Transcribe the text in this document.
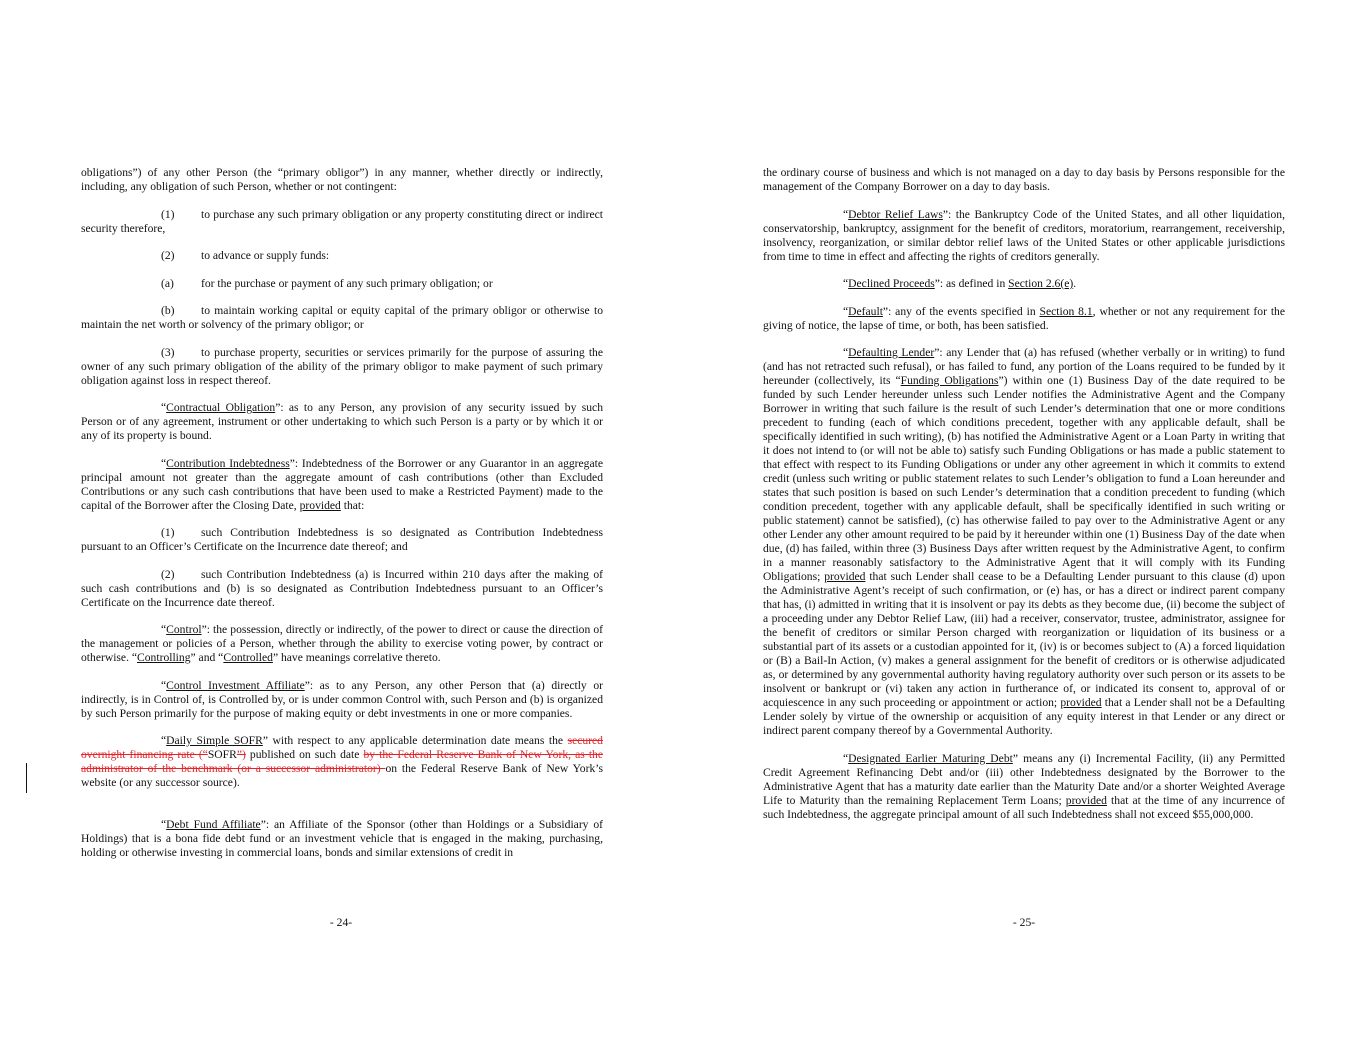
obligations”) of any other Person (the “primary obligor”) in any manner, whether directly or indirectly, including, any obligation of such Person, whether or not contingent:

(1) to purchase any such primary obligation or any property constituting direct or indirect security therefore,

(2) to advance or supply funds:

(a) for the purchase or payment of any such primary obligation; or

(b) to maintain working capital or equity capital of the primary obligor or otherwise to maintain the net worth or solvency of the primary obligor; or

(3) to purchase property, securities or services primarily for the purpose of assuring the owner of any such primary obligation of the ability of the primary obligor to make payment of such primary obligation against loss in respect thereof.

“Contractual Obligation”: as to any Person, any provision of any security issued by such Person or of any agreement, instrument or other undertaking to which such Person is a party or by which it or any of its property is bound.

“Contribution Indebtedness”: Indebtedness of the Borrower or any Guarantor in an aggregate principal amount not greater than the aggregate amount of cash contributions (other than Excluded Contributions or any such cash contributions that have been used to make a Restricted Payment) made to the capital of the Borrower after the Closing Date, provided that:

(1) such Contribution Indebtedness is so designated as Contribution Indebtedness pursuant to an Officer’s Certificate on the Incurrence date thereof; and

(2) such Contribution Indebtedness (a) is Incurred within 210 days after the making of such cash contributions and (b) is so designated as Contribution Indebtedness pursuant to an Officer’s Certificate on the Incurrence date thereof.

“Control”: the possession, directly or indirectly, of the power to direct or cause the direction of the management or policies of a Person, whether through the ability to exercise voting power, by contract or otherwise. “Controlling” and “Controlled” have meanings correlative thereto.

“Control Investment Affiliate”: as to any Person, any other Person that (a) directly or indirectly, is in Control of, is Controlled by, or is under common Control with, such Person and (b) is organized by such Person primarily for the purpose of making equity or debt investments in one or more companies.

“Daily Simple SOFR” with respect to any applicable determination date means the secured overnight financing rate (“SOFR”) published on such date by the Federal Reserve Bank of New York, as the administrator of the benchmark (or a successor administrator) on the Federal Reserve Bank of New York’s website (or any successor source).

“Debt Fund Affiliate”: an Affiliate of the Sponsor (other than Holdings or a Subsidiary of Holdings) that is a bona fide debt fund or an investment vehicle that is engaged in the making, purchasing, holding or otherwise investing in commercial loans, bonds and similar extensions of credit in

- 24-

the ordinary course of business and which is not managed on a day to day basis by Persons responsible for the management of the Company Borrower on a day to day basis.

“Debtor Relief Laws”: the Bankruptcy Code of the United States, and all other liquidation, conservatorship, bankruptcy, assignment for the benefit of creditors, moratorium, rearrangement, receivership, insolvency, reorganization, or similar debtor relief laws of the United States or other applicable jurisdictions from time to time in effect and affecting the rights of creditors generally.

“Declined Proceeds”: as defined in Section 2.6(e).

“Default”: any of the events specified in Section 8.1, whether or not any requirement for the giving of notice, the lapse of time, or both, has been satisfied.

“Defaulting Lender”: any Lender that (a) has refused (whether verbally or in writing) to fund (and has not retracted such refusal), or has failed to fund, any portion of the Loans required to be funded by it hereunder (collectively, its “Funding Obligations”) within one (1) Business Day of the date required to be funded by such Lender hereunder unless such Lender notifies the Administrative Agent and the Company Borrower in writing that such failure is the result of such Lender’s determination that one or more conditions precedent to funding (each of which conditions precedent, together with any applicable default, shall be specifically identified in such writing), (b) has notified the Administrative Agent or a Loan Party in writing that it does not intend to (or will not be able to) satisfy such Funding Obligations or has made a public statement to that effect with respect to its Funding Obligations or under any other agreement in which it commits to extend credit (unless such writing or public statement relates to such Lender’s obligation to fund a Loan hereunder and states that such position is based on such Lender’s determination that a condition precedent to funding (which condition precedent, together with any applicable default, shall be specifically identified in such writing or public statement) cannot be satisfied), (c) has otherwise failed to pay over to the Administrative Agent or any other Lender any other amount required to be paid by it hereunder within one (1) Business Day of the date when due, (d) has failed, within three (3) Business Days after written request by the Administrative Agent, to confirm in a manner reasonably satisfactory to the Administrative Agent that it will comply with its Funding Obligations; provided that such Lender shall cease to be a Defaulting Lender pursuant to this clause (d) upon the Administrative Agent’s receipt of such confirmation, or (e) has, or has a direct or indirect parent company that has, (i) admitted in writing that it is insolvent or pay its debts as they become due, (ii) become the subject of a proceeding under any Debtor Relief Law, (iii) had a receiver, conservator, trustee, administrator, assignee for the benefit of creditors or similar Person charged with reorganization or liquidation of its business or a substantial part of its assets or a custodian appointed for it, (iv) is or becomes subject to (A) a forced liquidation or (B) a Bail-In Action, (v) makes a general assignment for the benefit of creditors or is otherwise adjudicated as, or determined by any governmental authority having regulatory authority over such person or its assets to be insolvent or bankrupt or (vi) taken any action in furtherance of, or indicated its consent to, approval of or acquiescence in any such proceeding or appointment or action; provided that a Lender shall not be a Defaulting Lender solely by virtue of the ownership or acquisition of any equity interest in that Lender or any direct or indirect parent company thereof by a Governmental Authority.

“Designated Earlier Maturing Debt” means any (i) Incremental Facility, (ii) any Permitted Credit Agreement Refinancing Debt and/or (iii) other Indebtedness designated by the Borrower to the Administrative Agent that has a maturity date earlier than the Maturity Date and/or a shorter Weighted Average Life to Maturity than the remaining Replacement Term Loans; provided that at the time of any incurrence of such Indebtedness, the aggregate principal amount of all such Indebtedness shall not exceed $55,000,000.

- 25-
